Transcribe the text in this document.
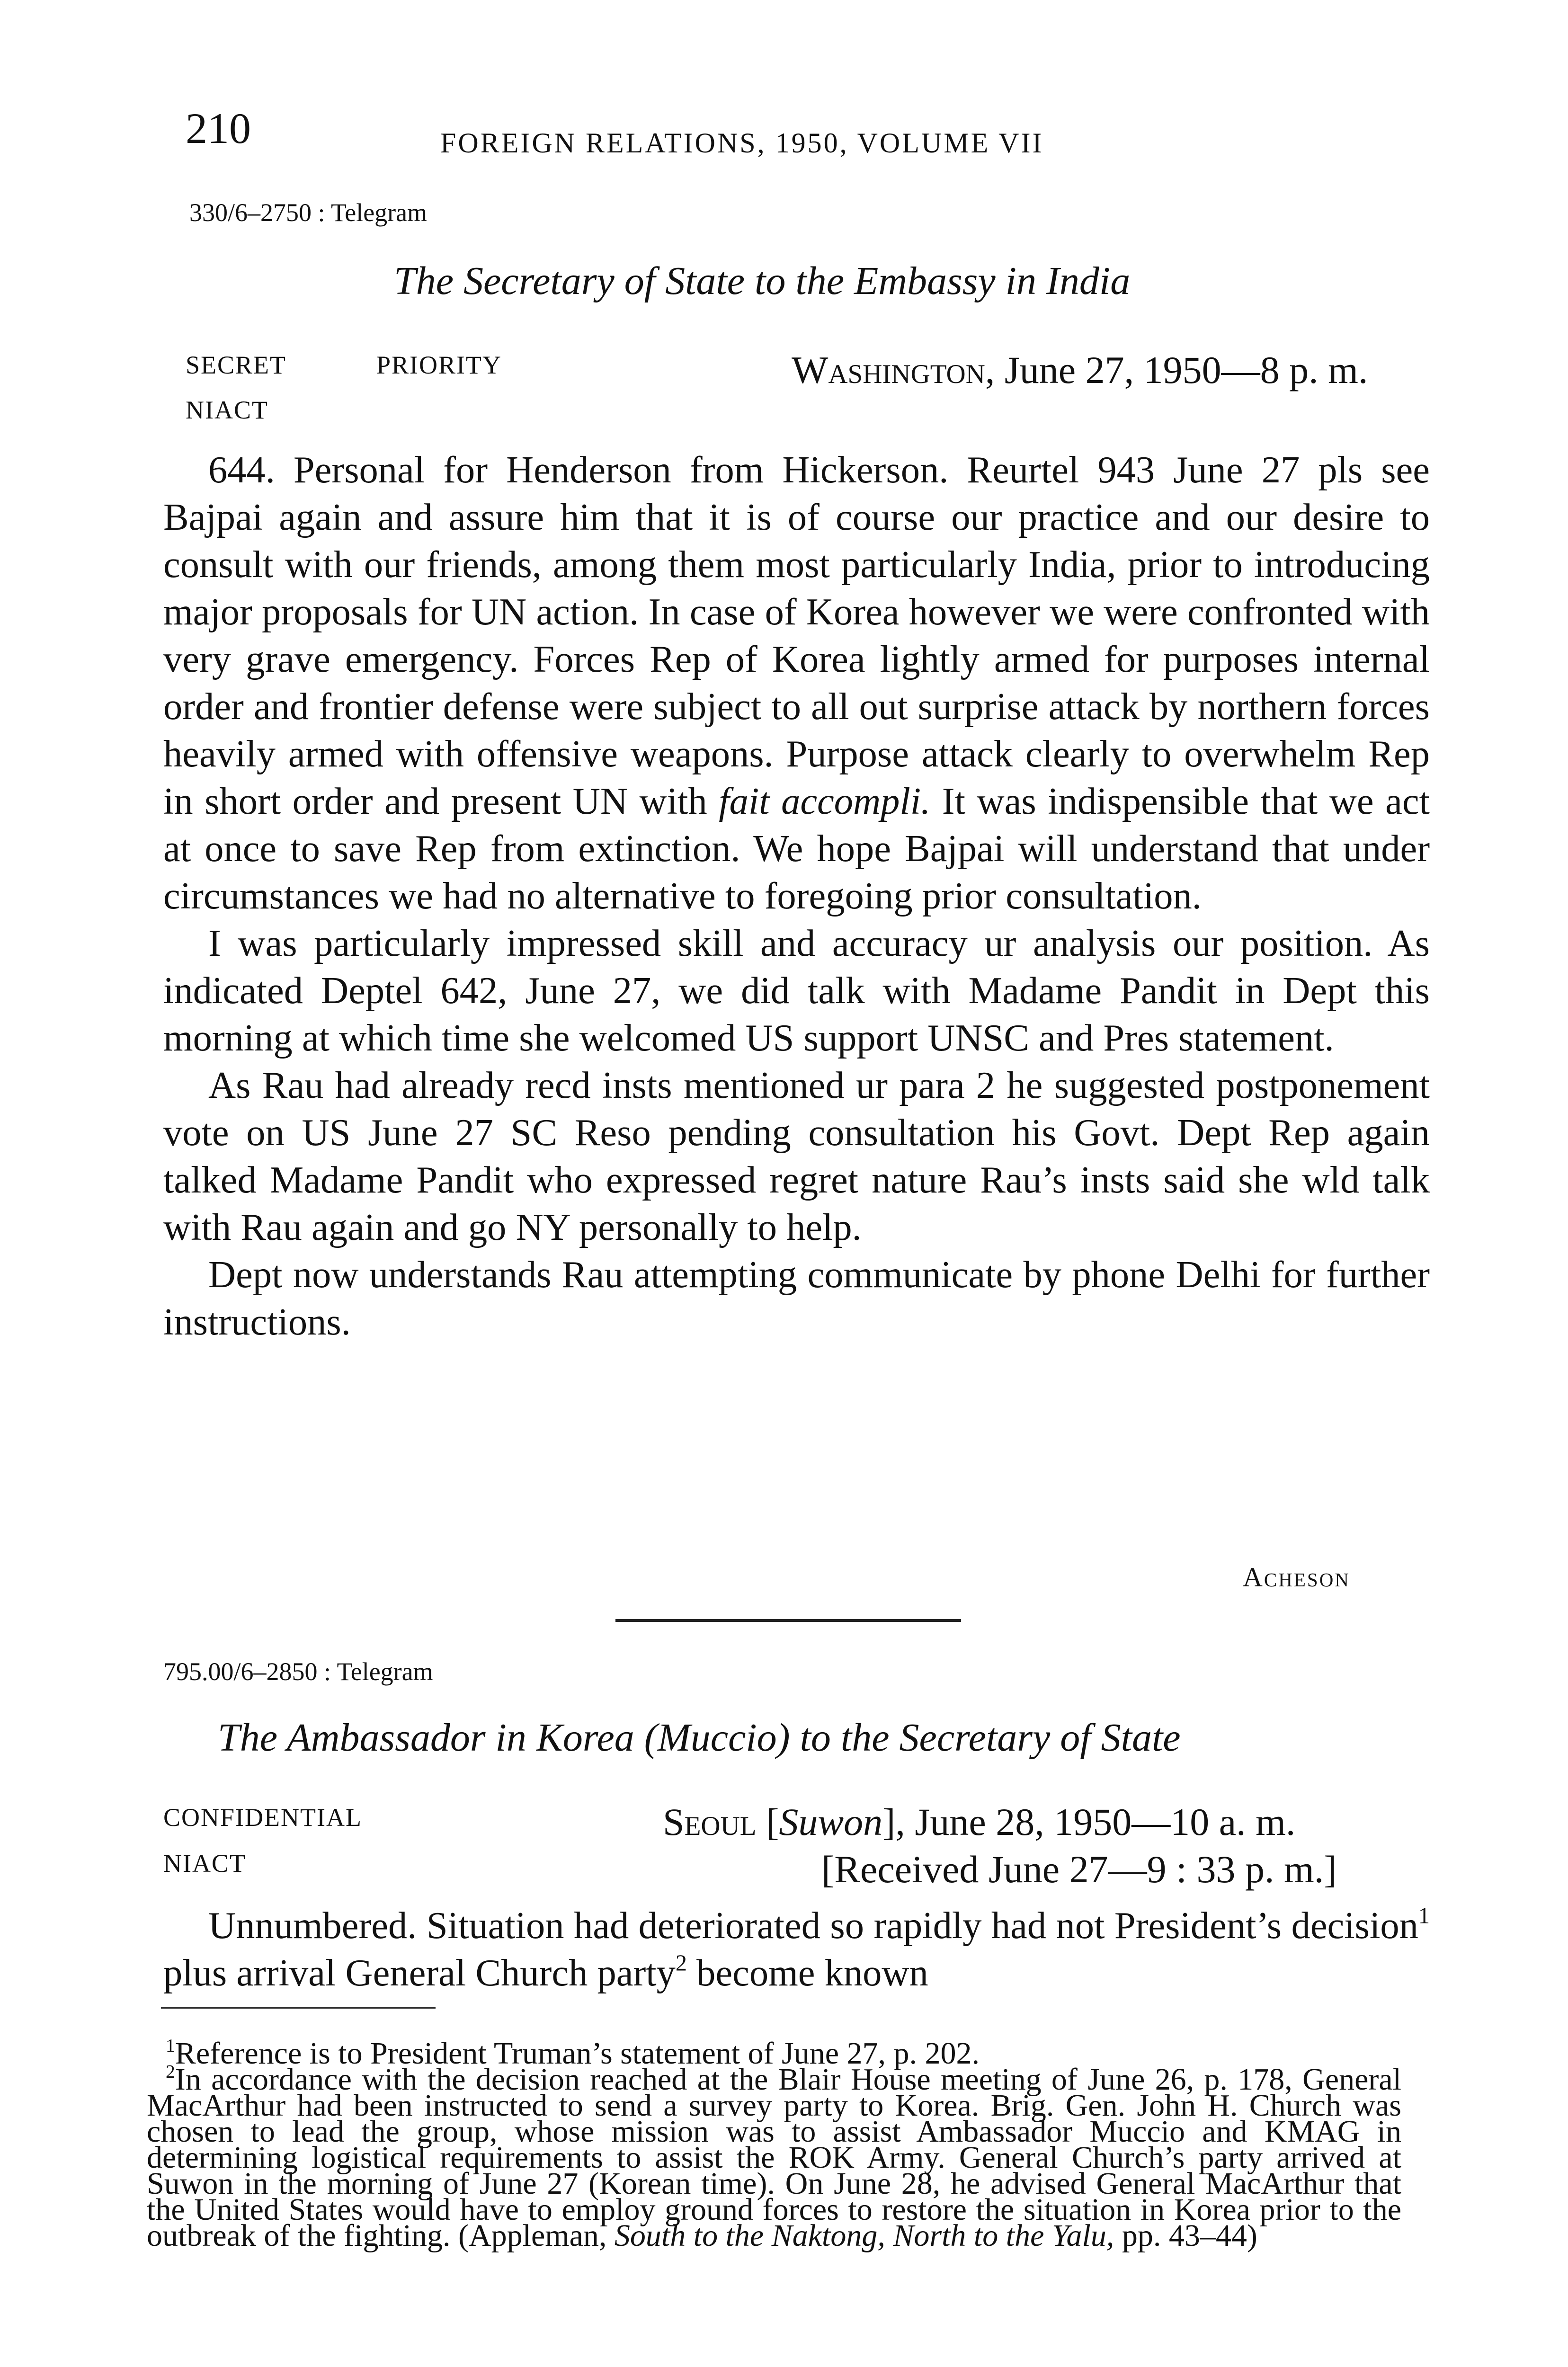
210	FOREIGN RELATIONS, 1950, VOLUME VII
330/6–2750 : Telegram
The Secretary of State to the Embassy in India
SECRET	PRIORITY
NIACT
Washington, June 27, 1950—8 p. m.

644. Personal for Henderson from Hickerson. Reurtel 943 June 27 pls see Bajpai again and assure him that it is of course our practice and our desire to consult with our friends, among them most particularly India, prior to introducing major proposals for UN action. In case of Korea however we were confronted with very grave emergency. Forces Rep of Korea lightly armed for purposes internal order and frontier defense were subject to all out surprise attack by northern forces heavily armed with offensive weapons. Purpose attack clearly to overwhelm Rep in short order and present UN with fait accompli. It was indispensible that we act at once to save Rep from extinction. We hope Bajpai will understand that under circumstances we had no alternative to foregoing prior consultation.

I was particularly impressed skill and accuracy ur analysis our position. As indicated Deptel 642, June 27, we did talk with Madame Pandit in Dept this morning at which time she welcomed US support UNSC and Pres statement.

As Rau had already recd insts mentioned ur para 2 he suggested postponement vote on US June 27 SC Reso pending consultation his Govt. Dept Rep again talked Madame Pandit who expressed regret nature Rau’s insts said she wld talk with Rau again and go NY personally to help.

Dept now understands Rau attempting communicate by phone Delhi for further instructions.

Acheson
795.00/6–2850 : Telegram
The Ambassador in Korea (Muccio) to the Secretary of State
CONFIDENTIAL
NIACT
Seoul [Suwon], June 28, 1950—10 a. m.
[Received June 27—9 : 33 p. m.]

Unnumbered. Situation had deteriorated so rapidly had not President’s decision$^1$ plus arrival General Church party$^2$ become known

$^1$Reference is to President Truman’s statement of June 27, p. 202.

$^2$In accordance with the decision reached at the Blair House meeting of June 26, p. 178, General MacArthur had been instructed to send a survey party to Korea. Brig. Gen. John H. Church was chosen to lead the group, whose mission was to assist Ambassador Muccio and KMAG in determining logistical requirements to assist the ROK Army. General Church’s party arrived at Suwon in the morning of June 27 (Korean time). On June 28, he advised General MacArthur that the United States would have to employ ground forces to restore the situation in Korea prior to the outbreak of the fighting. (Appleman, South to the Naktong, North to the Yalu, pp. 43–44)
